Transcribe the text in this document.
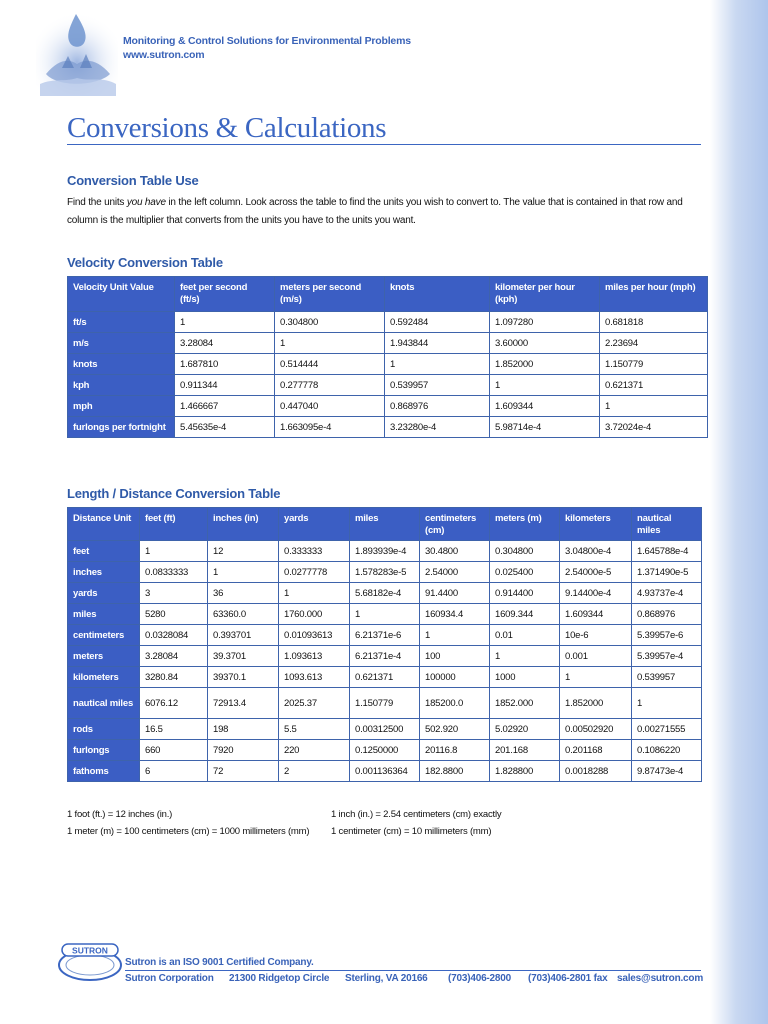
Monitoring & Control Solutions for Environmental Problems
www.sutron.com
Conversions & Calculations
Conversion Table Use
Find the units you have in the left column. Look across the table to find the units you wish to convert to. The value that is contained in that row and column is the multiplier that converts from the units you have to the units you want.
Velocity Conversion Table
Velocity Unit Value	feet per second (ft/s)	meters per second (m/s)	knots	kilometer per hour (kph)	miles per hour (mph)
ft/s	1	0.304800	0.592484	1.097280	0.681818
m/s	3.28084	1	1.943844	3.60000	2.23694
knots	1.687810	0.514444	1	1.852000	1.150779
kph	0.911344	0.277778	0.539957	1	0.621371
mph	1.466667	0.447040	0.868976	1.609344	1
furlongs per fortnight	5.45635e-4	1.663095e-4	3.23280e-4	5.98714e-4	3.72024e-4
Length / Distance Conversion Table
Distance Unit	feet (ft)	inches (in)	yards	miles	centimeters (cm)	meters (m)	kilometers	nautical miles
feet	1	12	0.333333	1.893939e-4	30.4800	0.304800	3.04800e-4	1.645788e-4
inches	0.0833333	1	0.0277778	1.578283e-5	2.54000	0.025400	2.54000e-5	1.371490e-5
yards	3	36	1	5.68182e-4	91.4400	0.914400	9.14400e-4	4.93737e-4
miles	5280	63360.0	1760.000	1	160934.4	1609.344	1.609344	0.868976
centimeters	0.0328084	0.393701	0.01093613	6.21371e-6	1	0.01	10e-6	5.39957e-6
meters	3.28084	39.3701	1.093613	6.21371e-4	100	1	0.001	5.39957e-4
kilometers	3280.84	39370.1	1093.613	0.621371	100000	1000	1	0.539957
nautical miles	6076.12	72913.4	2025.37	1.150779	185200.0	1852.000	1.852000	1
rods	16.5	198	5.5	0.00312500	502.920	5.02920	0.00502920	0.00271555
furlongs	660	7920	220	0.1250000	20116.8	201.168	0.201168	0.1086220
fathoms	6	72	2	0.001136364	182.8800	1.828800	0.0018288	9.87473e-4
1 foot (ft.) = 12 inches (in.)
1 meter (m) = 100 centimeters (cm) = 1000 millimeters (mm)
1 inch (in.) = 2.54 centimeters (cm) exactly
1 centimeter (cm) = 10 millimeters (mm)
SUTRON
Sutron is an ISO 9001 Certified Company.
Sutron Corporation 21300 Ridgetop Circle Sterling, VA 20166 (703)406-2800 (703)406-2801 fax sales@sutron.com
